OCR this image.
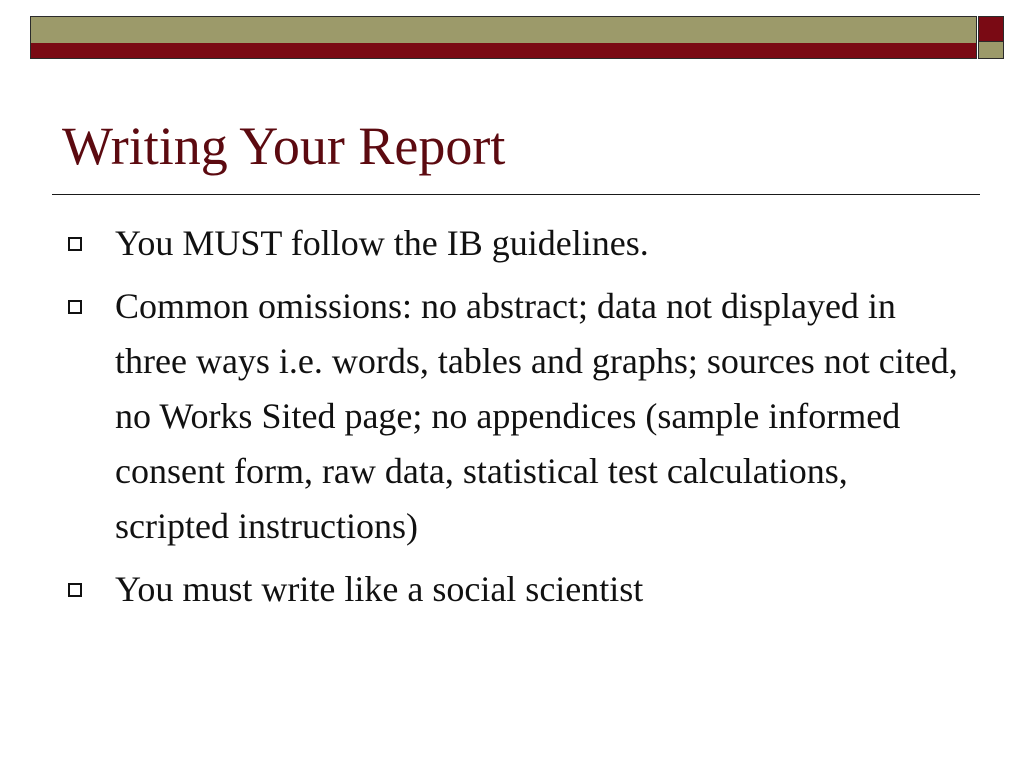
Writing Your Report
You MUST follow the IB guidelines.
Common omissions: no abstract; data not displayed in three ways i.e. words, tables and graphs; sources not cited, no Works Sited page; no appendices (sample informed consent form, raw data, statistical test calculations, scripted instructions)
You must write like a social scientist
